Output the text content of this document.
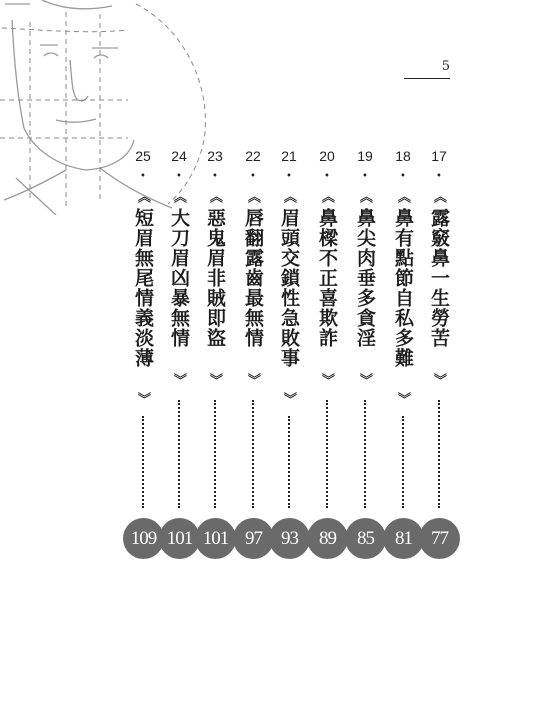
5
17
•
《
露竅鼻一生勞苦
》
77
18
•
《
鼻有點節自私多難
》
81
19
•
《
鼻尖肉垂多貪淫
》
85
20
•
《
鼻樑不正喜欺詐
》
89
21
•
《
眉頭交鎖性急敗事
》
93
22
•
《
唇翻露齒最無情
》
97
23
•
《
惡鬼眉非賊即盜
》
101
24
•
《
大刀眉凶暴無情
》
101
25
•
《
短眉無尾情義淡薄
》
109
